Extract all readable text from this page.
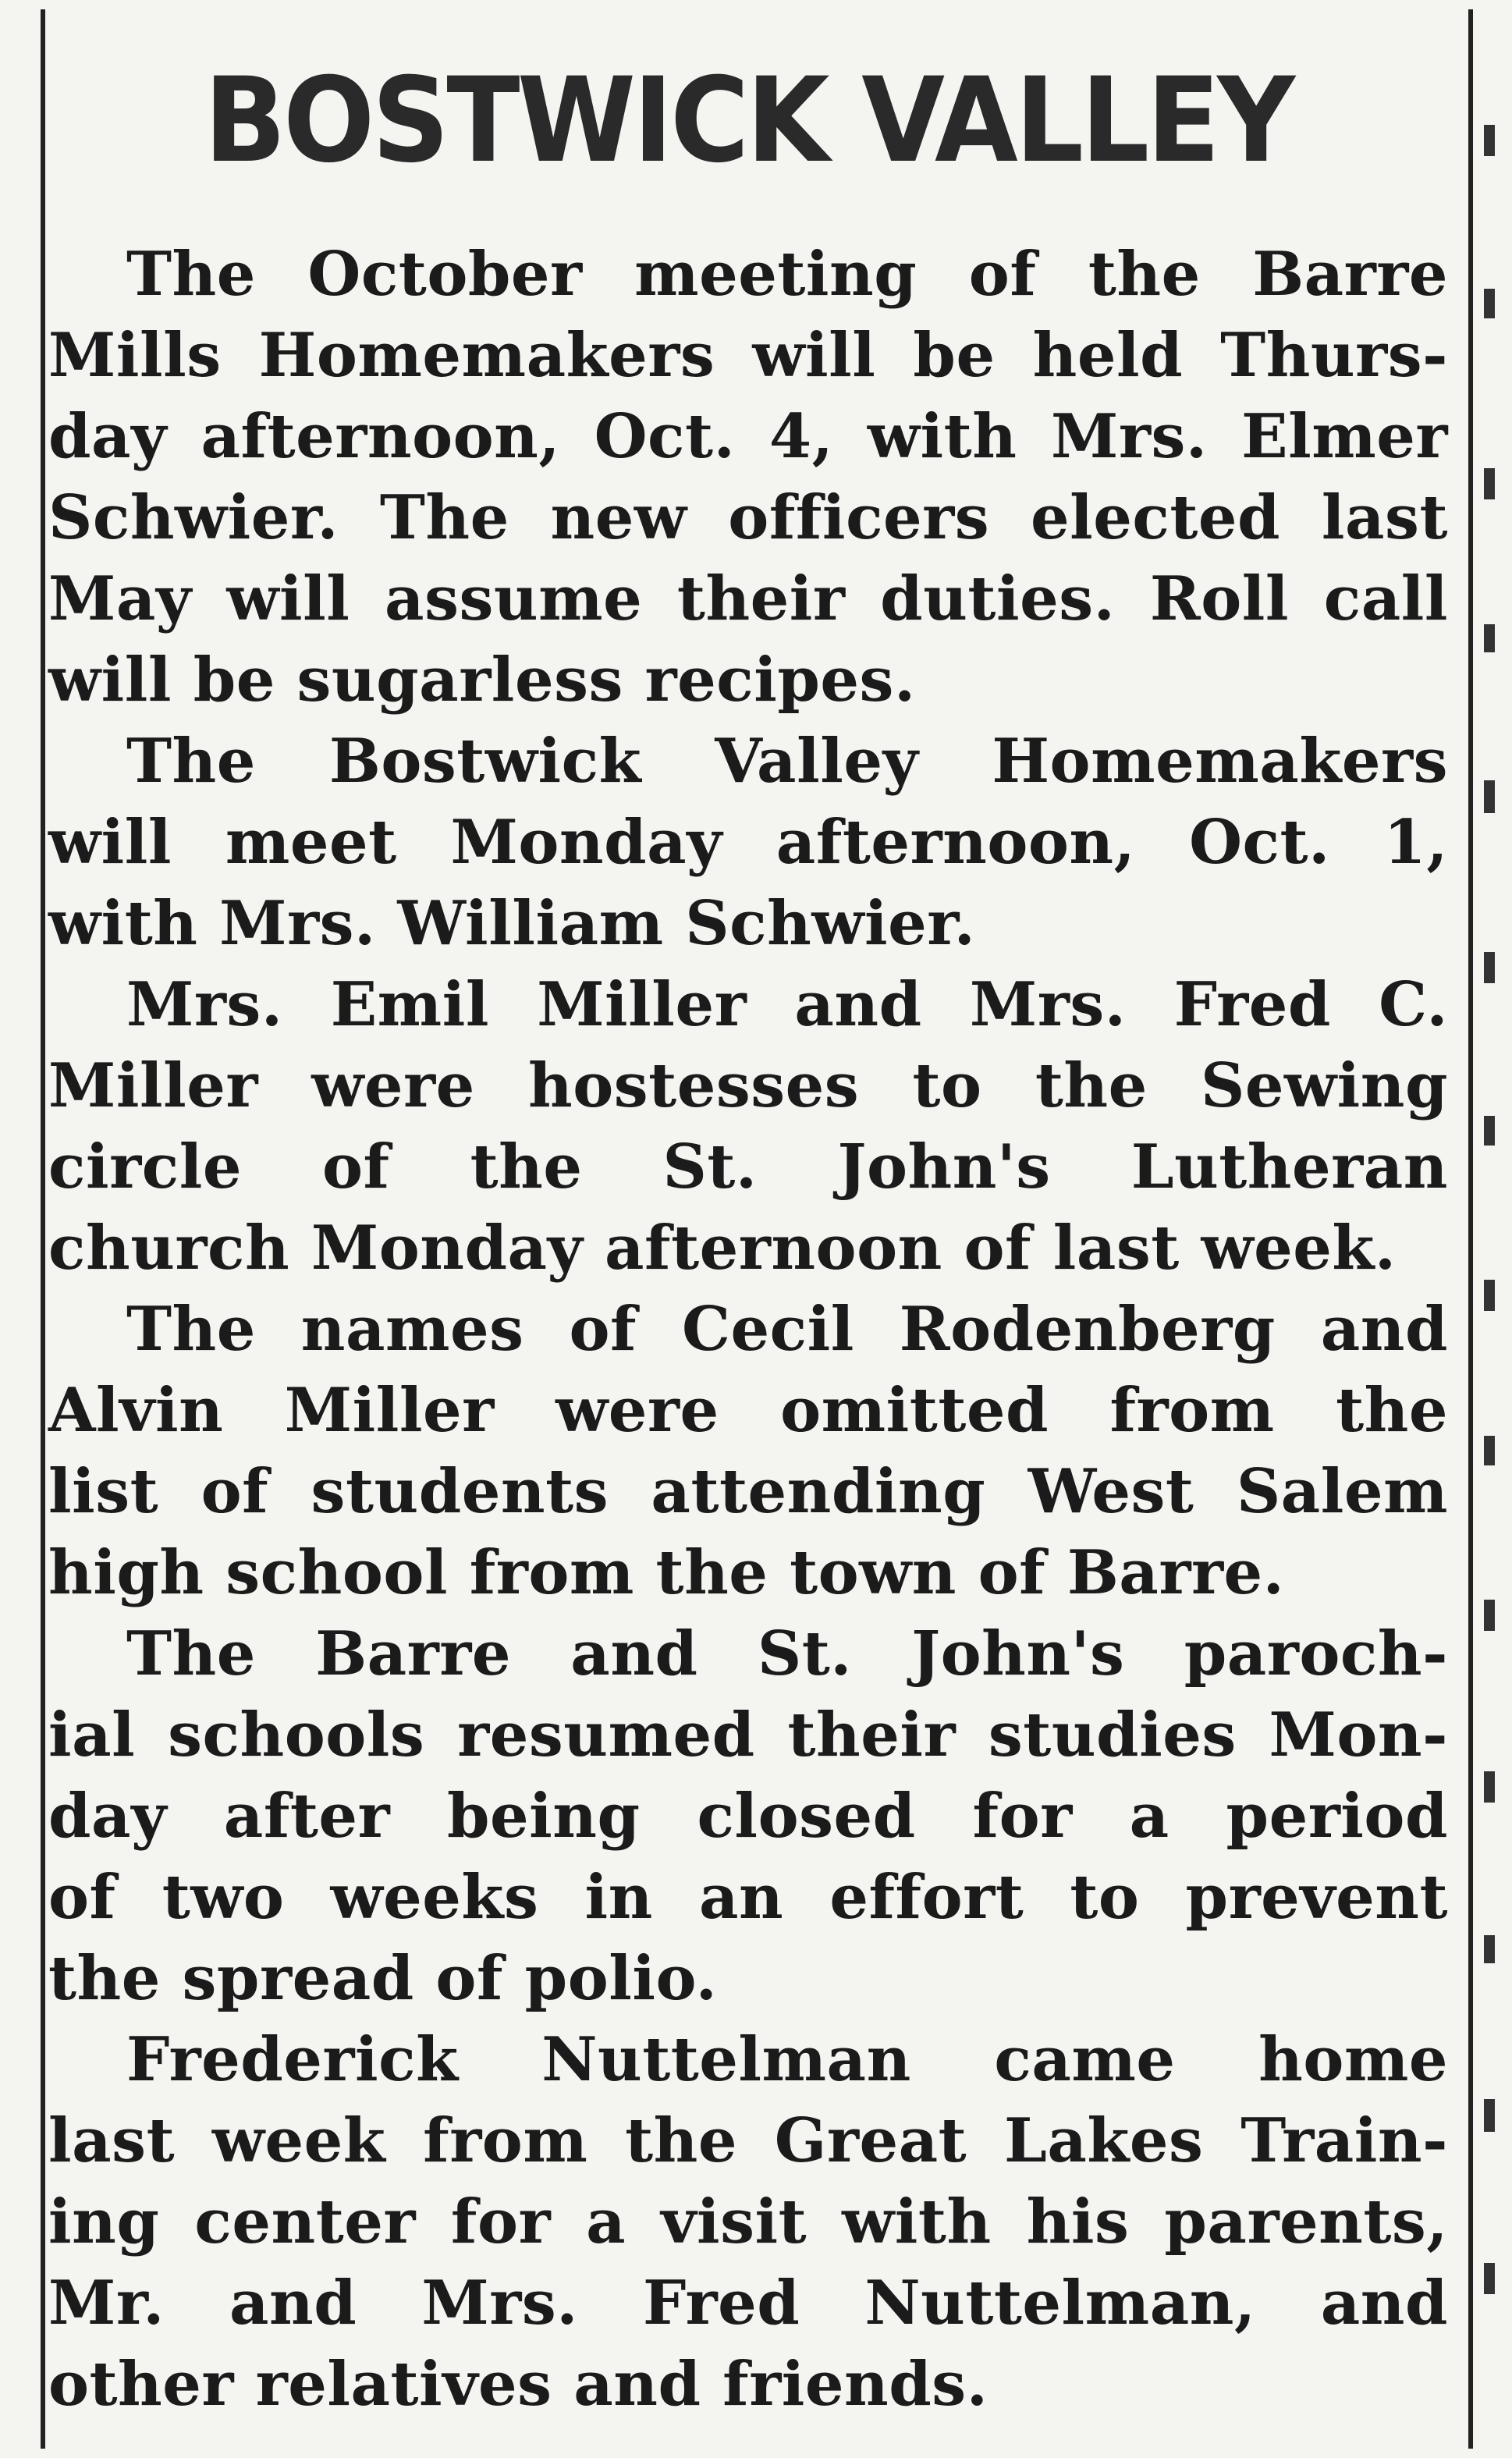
BOSTWICK VALLEY

The October meeting of the Barre
Mills Homemakers will be held Thurs-
day afternoon, Oct. 4, with Mrs. Elmer
Schwier. The new officers elected last
May will assume their duties. Roll call
will be sugarless recipes.

The Bostwick Valley Homemakers
will meet Monday afternoon, Oct. 1,
with Mrs. William Schwier.

Mrs. Emil Miller and Mrs. Fred C.
Miller were hostesses to the Sewing
circle of the St. John's Lutheran
church Monday afternoon of last week.

The names of Cecil Rodenberg and
Alvin Miller were omitted from the
list of students attending West Salem
high school from the town of Barre.

The Barre and St. John's paroch-
ial schools resumed their studies Mon-
day after being closed for a period
of two weeks in an effort to prevent
the spread of polio.

Frederick Nuttelman came home
last week from the Great Lakes Train-
ing center for a visit with his parents,
Mr. and Mrs. Fred Nuttelman, and
other relatives and friends.
